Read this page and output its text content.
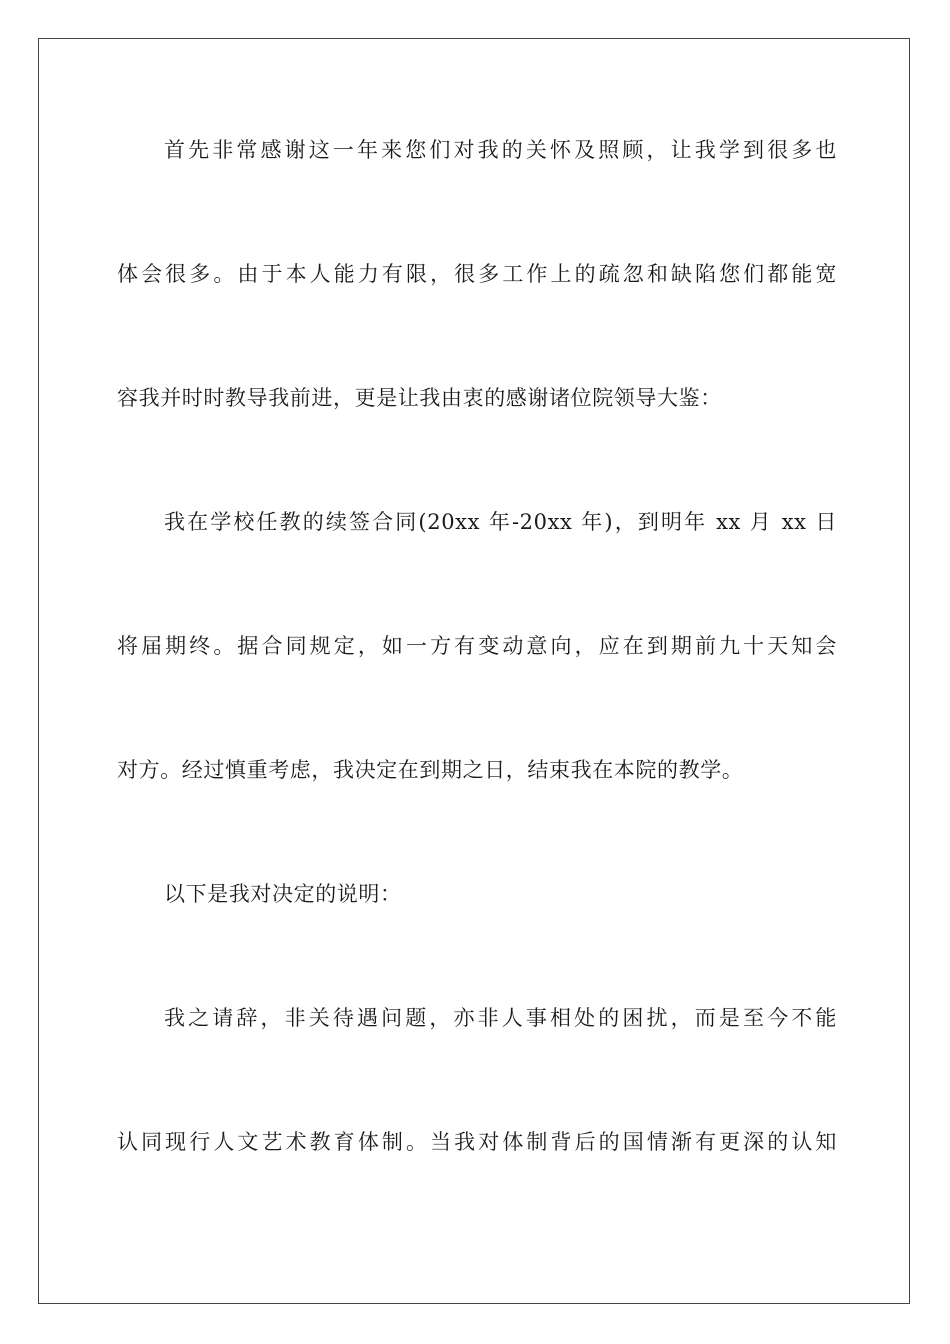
首先非常感谢这一年来您们对我的关怀及照顾，让我学到很多也
体会很多。由于本人能力有限，很多工作上的疏忽和缺陷您们都能宽
容我并时时教导我前进，更是让我由衷的感谢诸位院领导大鉴：
我在学校任教的续签合同(20xx 年-20xx 年)，到明年 xx 月 xx 日
将届期终。据合同规定，如一方有变动意向，应在到期前九十天知会
对方。经过慎重考虑，我决定在到期之日，结束我在本院的教学。
以下是我对决定的说明：
我之请辞，非关待遇问题，亦非人事相处的困扰，而是至今不能
认同现行人文艺术教育体制。当我对体制背后的国情渐有更深的认知
